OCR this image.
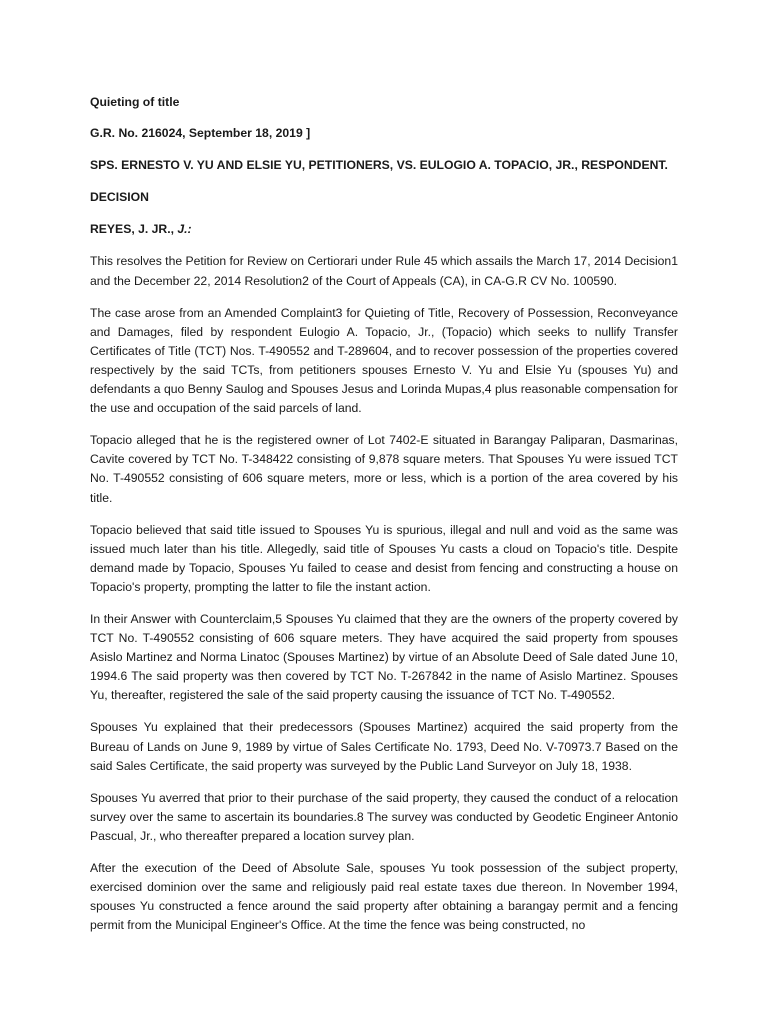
Quieting of title

G.R. No. 216024, September 18, 2019 ]

SPS. ERNESTO V. YU AND ELSIE YU, PETITIONERS, VS. EULOGIO A. TOPACIO, JR., RESPONDENT.

DECISION

REYES, J. JR., J.:

This resolves the Petition for Review on Certiorari under Rule 45 which assails the March 17, 2014 Decision1 and the December 22, 2014 Resolution2 of the Court of Appeals (CA), in CA-G.R CV No. 100590.

The case arose from an Amended Complaint3 for Quieting of Title, Recovery of Possession, Reconveyance and Damages, filed by respondent Eulogio A. Topacio, Jr., (Topacio) which seeks to nullify Transfer Certificates of Title (TCT) Nos. T-490552 and T-289604, and to recover possession of the properties covered respectively by the said TCTs, from petitioners spouses Ernesto V. Yu and Elsie Yu (spouses Yu) and defendants a quo Benny Saulog and Spouses Jesus and Lorinda Mupas,4 plus reasonable compensation for the use and occupation of the said parcels of land.

Topacio alleged that he is the registered owner of Lot 7402-E situated in Barangay Paliparan, Dasmarinas, Cavite covered by TCT No. T-348422 consisting of 9,878 square meters. That Spouses Yu were issued TCT No. T-490552 consisting of 606 square meters, more or less, which is a portion of the area covered by his title.

Topacio believed that said title issued to Spouses Yu is spurious, illegal and null and void as the same was issued much later than his title. Allegedly, said title of Spouses Yu casts a cloud on Topacio's title. Despite demand made by Topacio, Spouses Yu failed to cease and desist from fencing and constructing a house on Topacio's property, prompting the latter to file the instant action.

In their Answer with Counterclaim,5 Spouses Yu claimed that they are the owners of the property covered by TCT No. T-490552 consisting of 606 square meters. They have acquired the said property from spouses Asislo Martinez and Norma Linatoc (Spouses Martinez) by virtue of an Absolute Deed of Sale dated June 10, 1994.6 The said property was then covered by TCT No. T-267842 in the name of Asislo Martinez. Spouses Yu, thereafter, registered the sale of the said property causing the issuance of TCT No. T-490552.

Spouses Yu explained that their predecessors (Spouses Martinez) acquired the said property from the Bureau of Lands on June 9, 1989 by virtue of Sales Certificate No. 1793, Deed No. V-70973.7 Based on the said Sales Certificate, the said property was surveyed by the Public Land Surveyor on July 18, 1938.

Spouses Yu averred that prior to their purchase of the said property, they caused the conduct of a relocation survey over the same to ascertain its boundaries.8 The survey was conducted by Geodetic Engineer Antonio Pascual, Jr., who thereafter prepared a location survey plan.

After the execution of the Deed of Absolute Sale, spouses Yu took possession of the subject property, exercised dominion over the same and religiously paid real estate taxes due thereon. In November 1994, spouses Yu constructed a fence around the said property after obtaining a barangay permit and a fencing permit from the Municipal Engineer's Office. At the time the fence was being constructed, no
